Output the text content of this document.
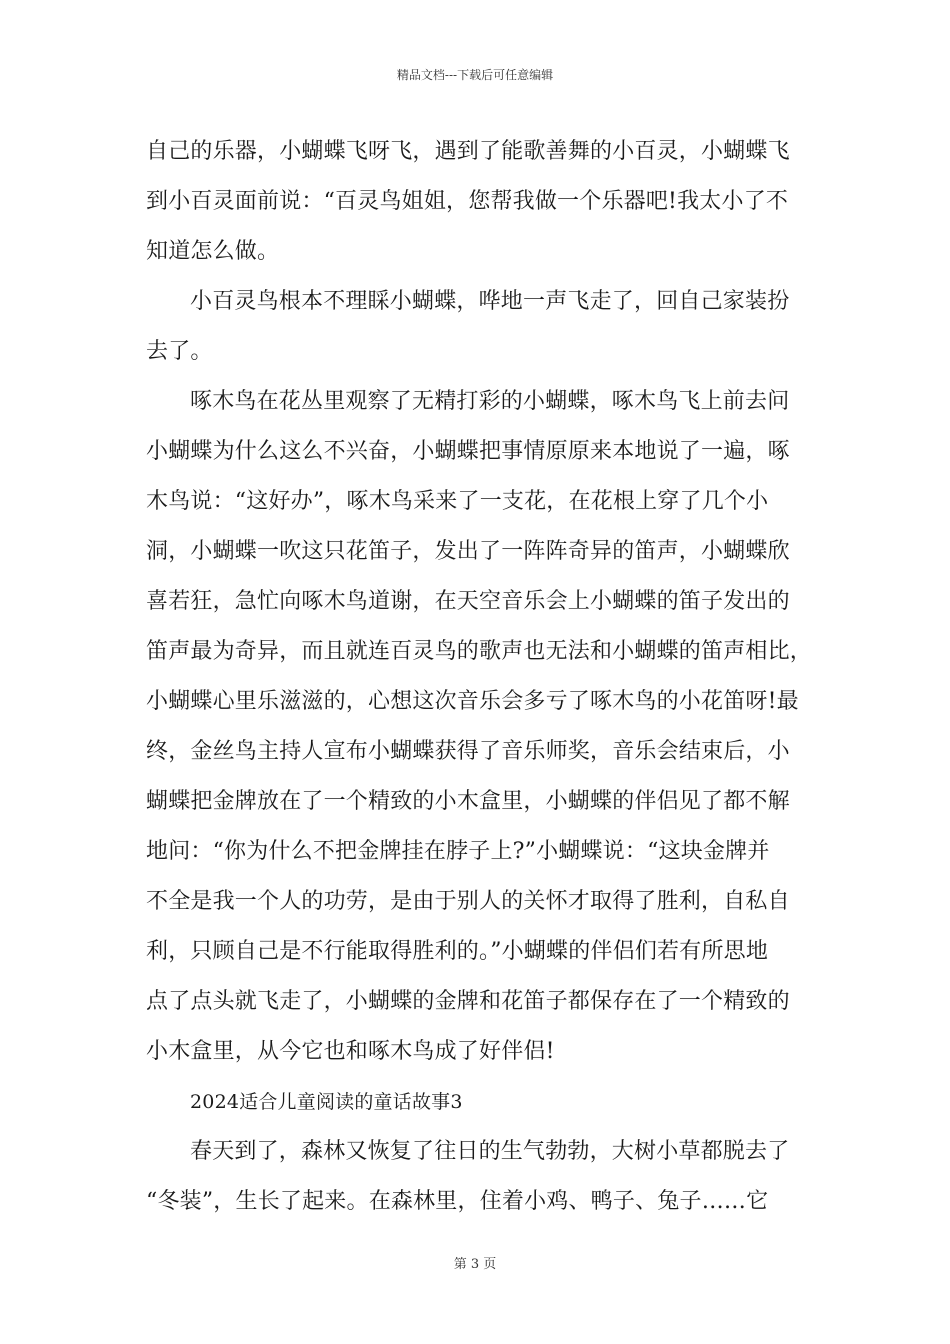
精品文档---下载后可任意编辑
自己的乐器，小蝴蝶飞呀飞，遇到了能歌善舞的小百灵，小蝴蝶飞
到小百灵面前说：“百灵鸟姐姐，您帮我做一个乐器吧!我太小了不
知道怎么做。
小百灵鸟根本不理睬小蝴蝶，哗地一声飞走了，回自己家装扮
去了。
啄木鸟在花丛里观察了无精打彩的小蝴蝶，啄木鸟飞上前去问
小蝴蝶为什么这么不兴奋，小蝴蝶把事情原原来本地说了一遍，啄
木鸟说：“这好办”，啄木鸟采来了一支花，在花根上穿了几个小
洞，小蝴蝶一吹这只花笛子，发出了一阵阵奇异的笛声，小蝴蝶欣
喜若狂，急忙向啄木鸟道谢，在天空音乐会上小蝴蝶的笛子发出的
笛声最为奇异，而且就连百灵鸟的歌声也无法和小蝴蝶的笛声相比，
小蝴蝶心里乐滋滋的，心想这次音乐会多亏了啄木鸟的小花笛呀!最
终，金丝鸟主持人宣布小蝴蝶获得了音乐师奖，音乐会结束后，小
蝴蝶把金牌放在了一个精致的小木盒里，小蝴蝶的伴侣见了都不解
地问：“你为什么不把金牌挂在脖子上?”小蝴蝶说：“这块金牌并
不全是我一个人的功劳，是由于别人的关怀才取得了胜利，自私自
利，只顾自己是不行能取得胜利的。”小蝴蝶的伴侣们若有所思地
点了点头就飞走了，小蝴蝶的金牌和花笛子都保存在了一个精致的
小木盒里，从今它也和啄木鸟成了好伴侣!
2024适合儿童阅读的童话故事3
春天到了，森林又恢复了往日的生气勃勃，大树小草都脱去了
“冬装”，生长了起来。在森林里，住着小鸡、鸭子、兔子……它
第 3 页
